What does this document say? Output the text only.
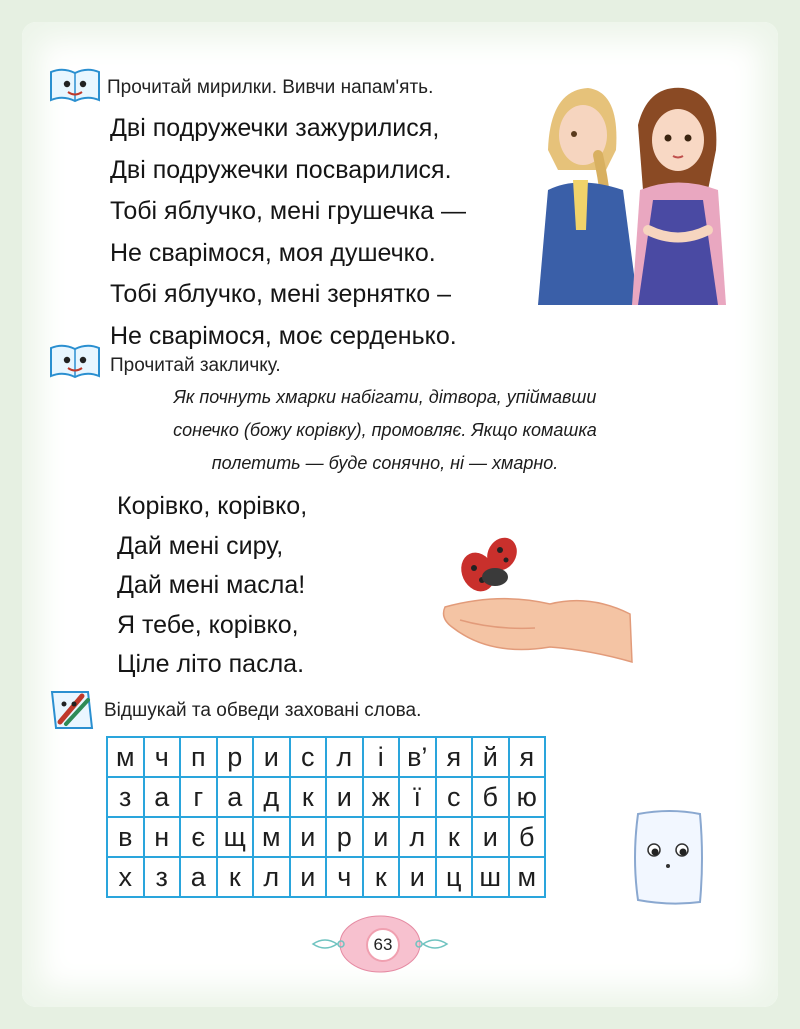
Прочитай мирилки. Вивчи напам'ять.
Дві подружечки зажурилися,
Дві подружечки посварилися.
Тобі яблучко, мені грушечка —
Не сварімося, моя душечко.
Тобі яблучко, мені зернятко –
Не сварімося, моє серденько.
Прочитай закличку.
Як почнуть хмарки набігати, дітвора, упіймавши
сонечко (божу корівку), промовляє. Якщо комашка
полетить — буде сонячно, ні — хмарно.
Корівко, корівко,
Дай мені сиру,
Дай мені масла!
Я тебе, корівко,
Ціле літо пасла.
Відшукай та обведи заховані слова.
м	ч	п	р	и	с	л	і	в’	я	й	я
з	а	г	а	д	к	и	ж	ї	с	б	ю
в	н	є	щ	м	и	р	и	л	к	и	б
х	з	а	к	л	и	ч	к	и	ц	ш	м
63
